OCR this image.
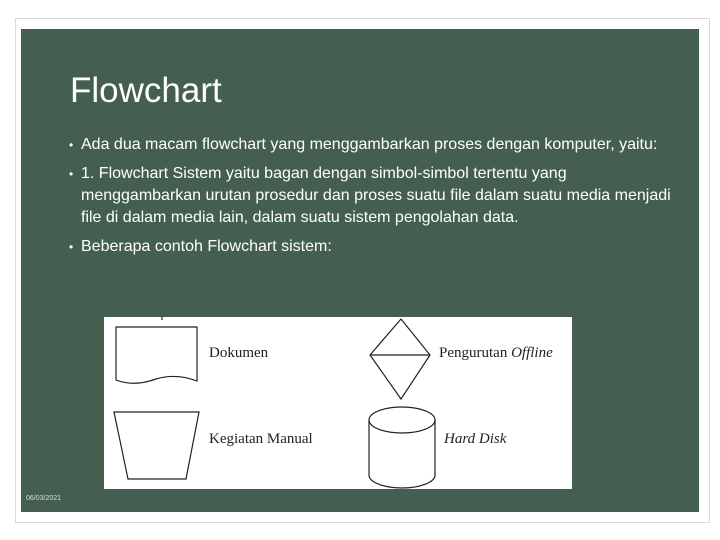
Flowchart
• Ada dua macam flowchart yang menggambarkan proses dengan komputer, yaitu:
• 1. Flowchart Sistem yaitu bagan dengan simbol-simbol tertentu yang menggambarkan urutan prosedur dan proses suatu file dalam suatu media menjadi file di dalam media lain, dalam suatu sistem pengolahan data.
• Beberapa contoh Flowchart sistem:
Dokumen	Pengurutan Offline
Kegiatan Manual	Hard Disk
06/03/2021
